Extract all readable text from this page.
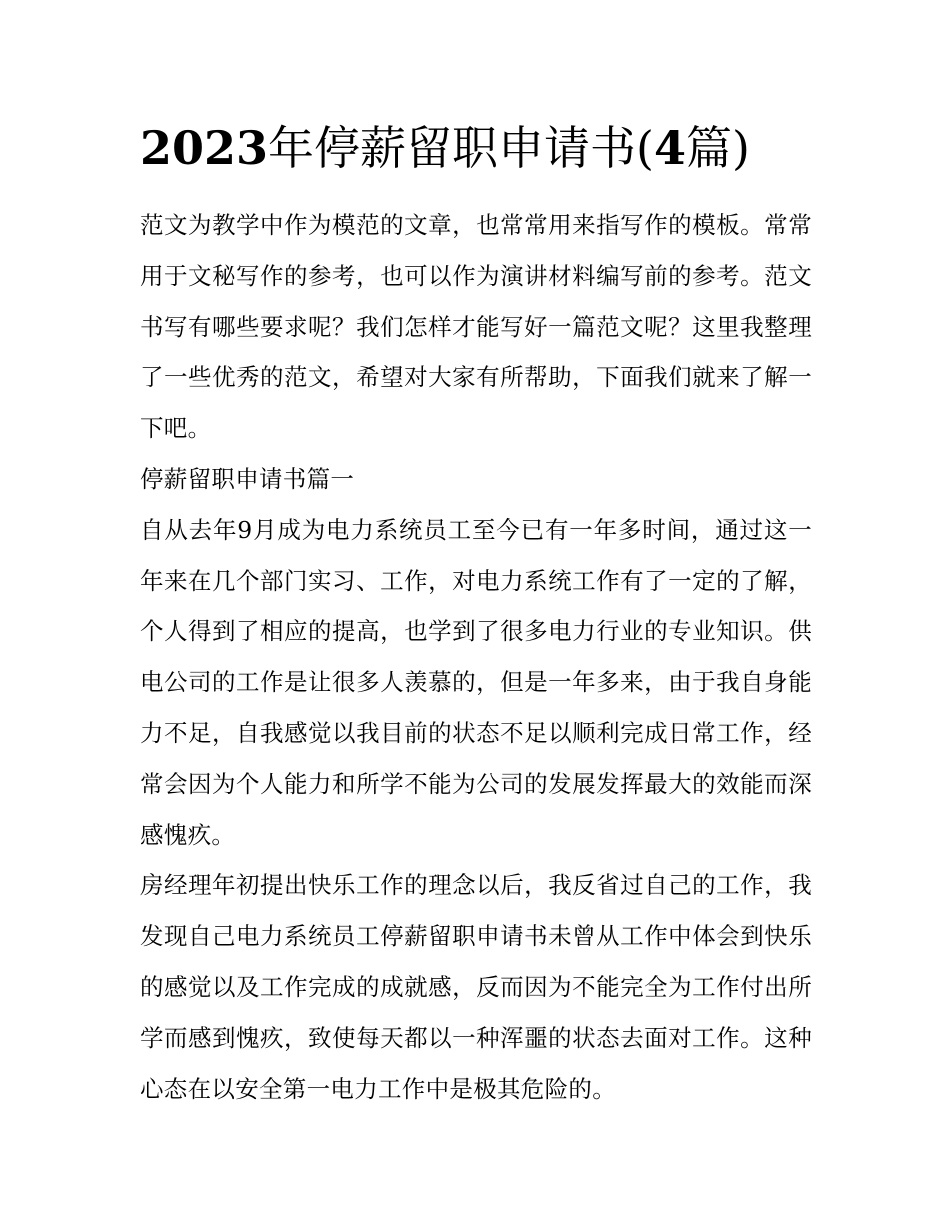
2023年停薪留职申请书(4篇)

范文为教学中作为模范的文章，也常常用来指写作的模板。常常用于文秘写作的参考，也可以作为演讲材料编写前的参考。范文书写有哪些要求呢？我们怎样才能写好一篇范文呢？这里我整理了一些优秀的范文，希望对大家有所帮助，下面我们就来了解一下吧。

停薪留职申请书篇一

自从去年9月成为电力系统员工至今已有一年多时间，通过这一年来在几个部门实习、工作，对电力系统工作有了一定的了解，个人得到了相应的提高，也学到了很多电力行业的专业知识。供电公司的工作是让很多人羡慕的，但是一年多来，由于我自身能力不足，自我感觉以我目前的状态不足以顺利完成日常工作，经常会因为个人能力和所学不能为公司的发展发挥最大的效能而深感愧疚。

房经理年初提出快乐工作的理念以后，我反省过自己的工作，我发现自己电力系统员工停薪留职申请书未曾从工作中体会到快乐的感觉以及工作完成的成就感，反而因为不能完全为工作付出所学而感到愧疚，致使每天都以一种浑噩的状态去面对工作。这种心态在以安全第一电力工作中是极其危险的。
